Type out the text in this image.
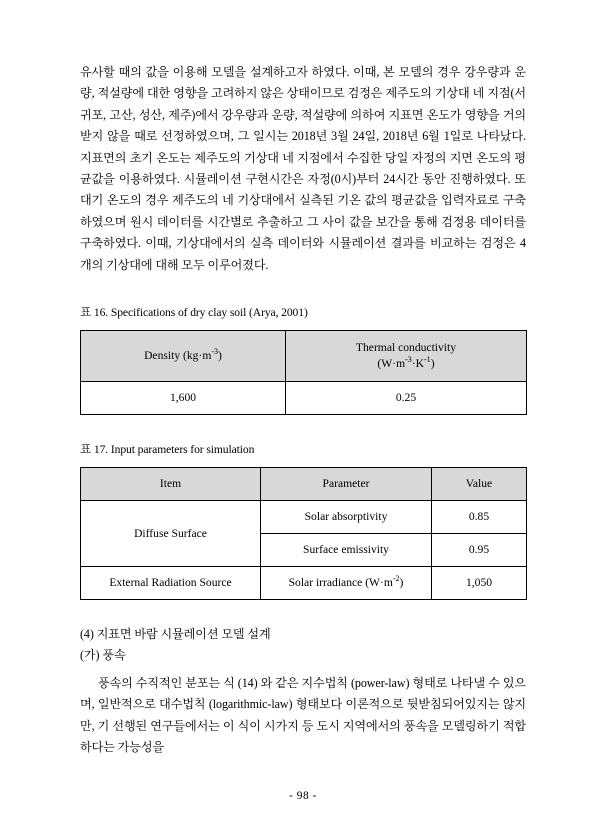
유사할 때의 값을 이용해 모델을 설계하고자 하였다. 이때, 본 모델의 경우 강우량과 운량, 적설량에 대한 영향을 고려하지 않은 상태이므로 검정은 제주도의 기상대 네 지점(서귀포, 고산, 성산, 제주)에서 강우량과 운량, 적설량에 의하여 지표면 온도가 영향을 거의 받지 않을 때로 선정하였으며, 그 일시는 2018년 3월 24일, 2018년 6월 1일로 나타났다. 지표면의 초기 온도는 제주도의 기상대 네 지점에서 수집한 당일 자정의 지면 온도의 평균값을 이용하였다. 시뮬레이션 구현시간은 자정(0시)부터 24시간 동안 진행하였다. 또 대기 온도의 경우 제주도의 네 기상대에서 실측된 기온 값의 평균값을 입력자료로 구축하였으며 원시 데이터를 시간별로 추출하고 그 사이 값을 보간을 통해 검정용 데이터를 구축하였다. 이때, 기상대에서의 실측 데이터와 시뮬레이션 결과를 비교하는 검정은 4 개의 기상대에 대해 모두 이루어졌다.

표 16. Specifications of dry clay soil (Arya, 2001)

Density $(kg\cdot m^{-3})$	Thermal conductivity
$(W\cdot m^{-3}\cdot K^{-1})$

1,600	0.25

표 17. Input parameters for simulation

Item	Parameter	Value
Diffuse Surface	Solar absorptivity	0.85
	Surface emissivity	0.95
External Radiation Source	Solar irradiance $(W\cdot m^{-2})$	1,050

(4) 지표면 바람 시뮬레이션 모델 설계

(가) 풍속

풍속의 수직적인 분포는 식 (14) 와 같은 지수법칙 (power-law) 형태로 나타낼 수 있으며, 일반적으로 대수법칙 (logarithmic-law) 형태보다 이론적으로 뒷받침되어있지는 않지만, 기 선행된 연구들에서는 이 식이 시가지 등 도시 지역에서의 풍속을 모델링하기 적합하다는 가능성을

- 98 -
